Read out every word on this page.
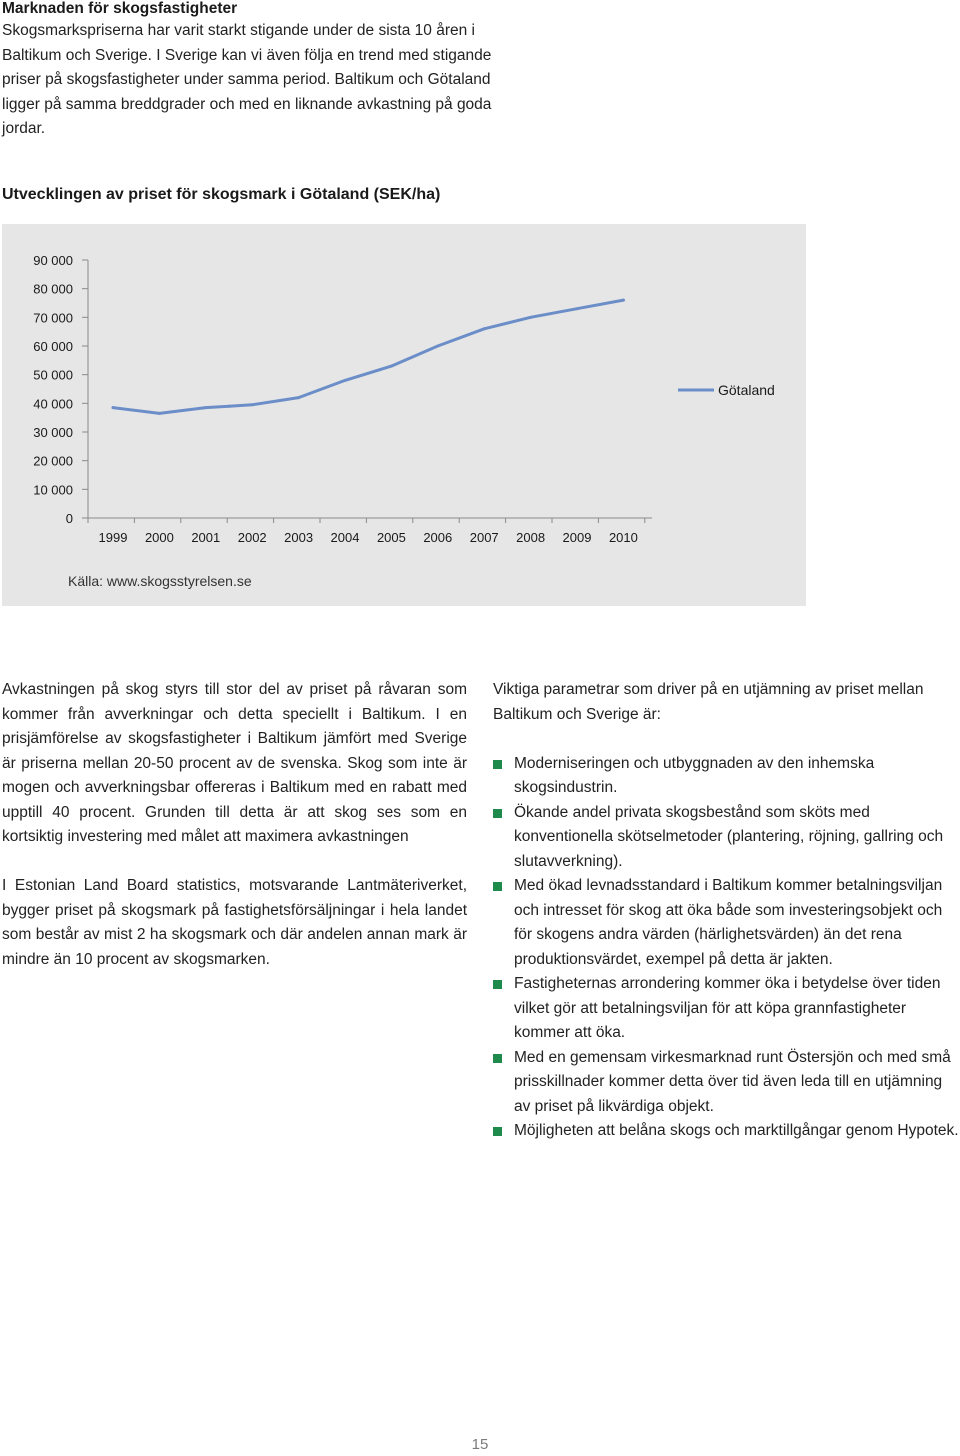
Marknaden för skogsfastigheter

Skogsmarkspriserna har varit starkt stigande under de sista 10 åren i Baltikum och Sverige. I Sverige kan vi även följa en trend med stigande priser på skogsfastigheter under samma period. Baltikum och Götaland ligger på samma breddgrader och med en liknande avkastning på goda jordar.

Utvecklingen av priset för skogsmark i Götaland (SEK/ha)
0
10 000
20 000
30 000
40 000
50 000
60 000
70 000
80 000
90 000
1999 2000 2001 2002 2003 2004 2005 2006 2007 2008 2009 2010
Götaland
Källa: www.skogsstyrelsen.se

Avkastningen på skog styrs till stor del av priset på råvaran som kommer från avverkningar och detta speciellt i Baltikum. I en prisjämförelse av skogsfastigheter i Baltikum jämfört med Sverige är priserna mellan 20-50 procent av de svenska. Skog som inte är mogen och avverkningsbar offereras i Baltikum med en rabatt med upptill 40 procent. Grunden till detta är att skog ses som en kortsiktig investering med målet att maximera avkastningen

I Estonian Land Board statistics, motsvarande Lantmäteriverket, bygger priset på skogsmark på fastighetsförsäljningar i hela landet som består av mist 2 ha skogsmark och där andelen annan mark är mindre än 10 procent av skogsmarken.

Viktiga parametrar som driver på en utjämning av priset mellan Baltikum och Sverige är:

Moderniseringen och utbyggnaden av den inhemska skogsindustrin.
Ökande andel privata skogsbestånd som sköts med konventionella skötselmetoder (plantering, röjning, gallring och slutavverkning).
Med ökad levnadsstandard i Baltikum kommer betalningsviljan och intresset för skog att öka både som investeringsobjekt och för skogens andra värden (härlighetsvärden) än det rena produktionsvärdet, exempel på detta är jakten.
Fastigheternas arrondering kommer öka i betydelse över tiden vilket gör att betalningsviljan för att köpa grannfastigheter kommer att öka.
Med en gemensam virkesmarknad runt Östersjön och med små prisskillnader kommer detta över tid även leda till en utjämning av priset på likvärdiga objekt.
Möjligheten att belåna skogs och marktillgångar genom Hypotek.
15
